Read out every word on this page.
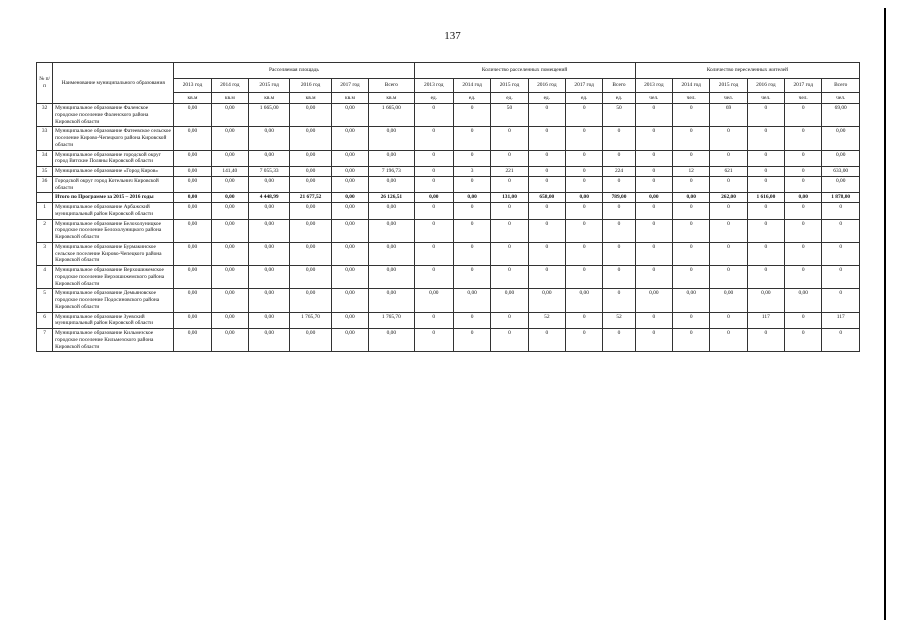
137
№ п/п	Наименование муниципального образования	Расселяемая площадь						Количество расселенных помещений						Количество переселенных жителей					
		2013 год	2014 год	2015 год	2016 год	2017 год	Всего	2013 год	2014 год	2015 год	2016 год	2017 год	Всего	2013 год	2014 год	2015 год	2016 год	2017 год	Всего
		кв.м	кв.м	кв.м	кв.м	кв.м	кв.м	ед.	ед.	ед.	ед.	ед.	ед.	чел.	чел.	чел.	чел.	чел.	чел.
32	Муниципальное образование Фаленское городское поселение Фаленского района Кировской области	0,00	0,00	1 665,00	0,00	0,00	1 665,00	0	0	50	0	0	50	0	0	69	0	0	69,00
33	Муниципальное образование Фатеевское сельское поселение Кирово-Чепецкого района Кировской области	0,00	0,00	0,00	0,00	0,00	0,00	0	0	0	0	0	0	0	0	0	0	0	0,00
34	Муниципальное образование городской округ город Вятские Поляны Кировской области	0,00	0,00	0,00	0,00	0,00	0,00	0	0	0	0	0	0	0	0	0	0	0	0,00
35	Муниципальное образование «Город Киров»	0,00	141,40	7 055,33	0,00	0,00	7 196,73	0	3	221	0	0	224	0	12	621	0	0	633,00
36	Городской округ город Котельнич Кировской области	0,00	0,00	0,00	0,00	0,00	0,00	0	0	0	0	0	0	0	0	0	0	0	0,00
	Итого по Программе за 2015 – 2016 годы	0,00	0,00	4 448,99	21 677,52	0,00	26 126,51	0,00	0,00	131,00	658,00	0,00	789,00	0,00	0,00	262,00	1 616,00	0,00	1 878,00
1	Муниципальное образование Арбажский муниципальный район Кировской области	0,00	0,00	0,00	0,00	0,00	0,00	0	0	0	0	0	0	0	0	0	0	0	0
2	Муниципальное образование Белохолуницкое городское поселение Белохолуницкого района Кировской области	0,00	0,00	0,00	0,00	0,00	0,00	0	0	0	0	0	0	0	0	0	0	0	0
3	Муниципальное образование Бурмакинское сельское поселение Кирово-Чепецкого района Кировской области	0,00	0,00	0,00	0,00	0,00	0,00	0	0	0	0	0	0	0	0	0	0	0	0
4	Муниципальное образование Верхошижемское городское поселение Верхошижемского района Кировской области	0,00	0,00	0,00	0,00	0,00	0,00	0	0	0	0	0	0	0	0	0	0	0	0
5	Муниципальное образование Демьяновское городское поселение Подосиновского района Кировской области	0,00	0,00	0,00	0,00	0,00	0,00	0,00	0,00	0,00	0,00	0,00	0	0,00	0,00	0,00	0,00	0,00	0
6	Муниципальное образование Зуевский муниципальный район Кировской области	0,00	0,00	0,00	1 765,70	0,00	1 765,70	0	0	0	52	0	52	0	0	0	117	0	117
7	Муниципальное образование Кильмезское городское поселение Кильмезского района Кировской области	0,00	0,00	0,00	0,00	0,00	0,00	0	0	0	0	0	0	0	0	0	0	0	0
